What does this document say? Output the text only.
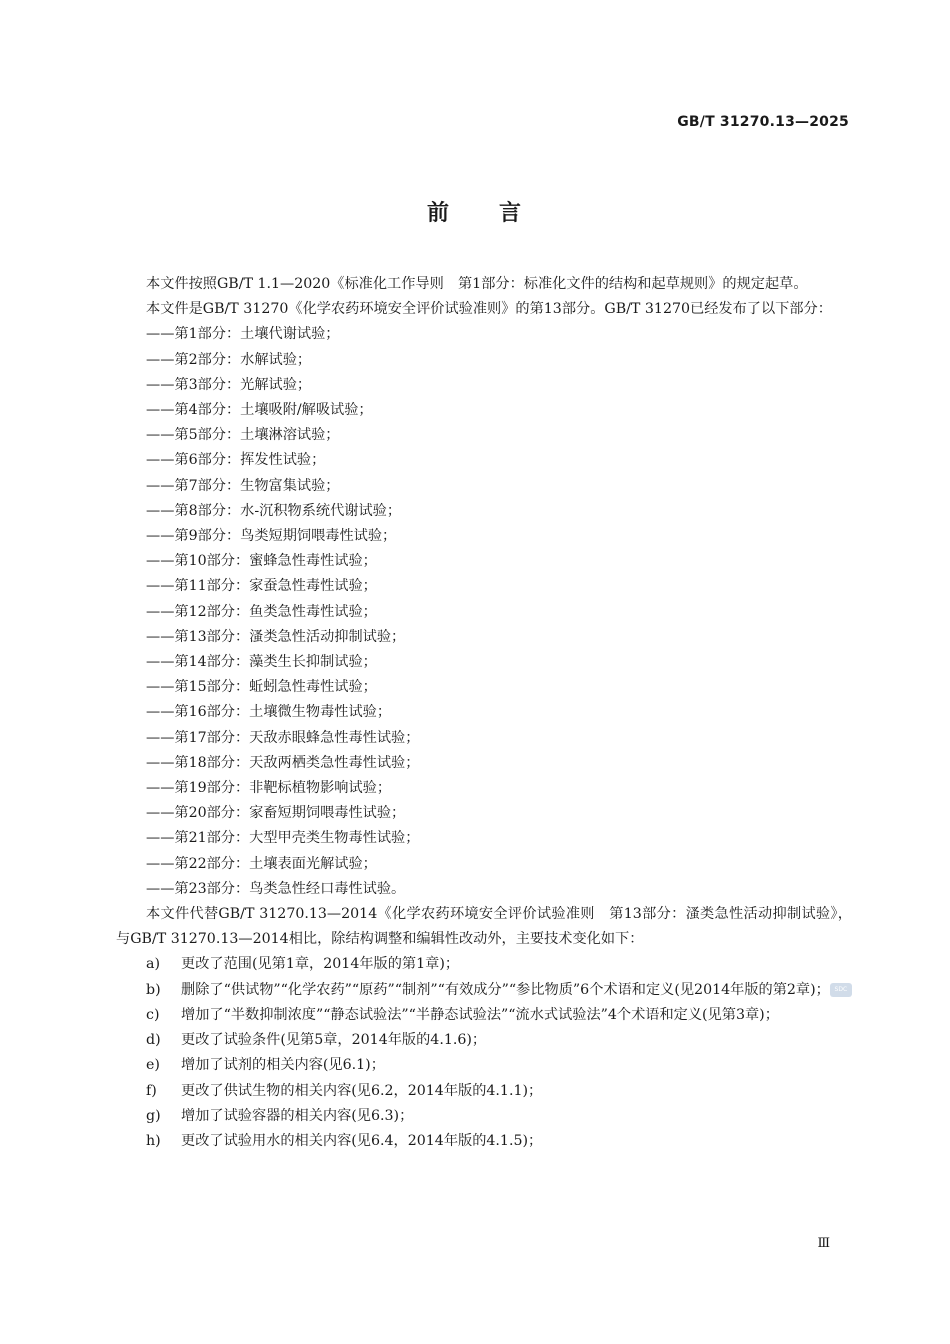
GB/T 31270.13—2025
前　　言

本文件按照GB/T 1.1—2020《标准化工作导则　第1部分：标准化文件的结构和起草规则》的规定起草。

本文件是GB/T 31270《化学农药环境安全评价试验准则》的第13部分。GB/T 31270已经发布了以下部分：

——第1部分：土壤代谢试验；

——第2部分：水解试验；

——第3部分：光解试验；

——第4部分：土壤吸附/解吸试验；

——第5部分：土壤淋溶试验；

——第6部分：挥发性试验；

——第7部分：生物富集试验；

——第8部分：水-沉积物系统代谢试验；

——第9部分：鸟类短期饲喂毒性试验；

——第10部分：蜜蜂急性毒性试验；

——第11部分：家蚕急性毒性试验；

——第12部分：鱼类急性毒性试验；

——第13部分：溞类急性活动抑制试验；

——第14部分：藻类生长抑制试验；

——第15部分：蚯蚓急性毒性试验；

——第16部分：土壤微生物毒性试验；

——第17部分：天敌赤眼蜂急性毒性试验；

——第18部分：天敌两栖类急性毒性试验；

——第19部分：非靶标植物影响试验；

——第20部分：家畜短期饲喂毒性试验；

——第21部分：大型甲壳类生物毒性试验；

——第22部分：土壤表面光解试验；

——第23部分：鸟类急性经口毒性试验。

本文件代替GB/T 31270.13—2014《化学农药环境安全评价试验准则　第13部分：溞类急性活动抑制试验》，与GB/T 31270.13—2014相比，除结构调整和编辑性改动外，主要技术变化如下：

a) 更改了范围(见第1章，2014年版的第1章)；

b) 删除了“供试物”“化学农药”“原药”“制剂”“有效成分”“参比物质”6个术语和定义(见2014年版的第2章)； SDC

c) 增加了“半数抑制浓度”“静态试验法”“半静态试验法”“流水式试验法”4个术语和定义(见第3章)；

d) 更改了试验条件(见第5章，2014年版的4.1.6)；

e) 增加了试剂的相关内容(见6.1)；

f) 更改了供试生物的相关内容(见6.2，2014年版的4.1.1)；

g) 增加了试验容器的相关内容(见6.3)；

h) 更改了试验用水的相关内容(见6.4，2014年版的4.1.5)；

Ⅲ
